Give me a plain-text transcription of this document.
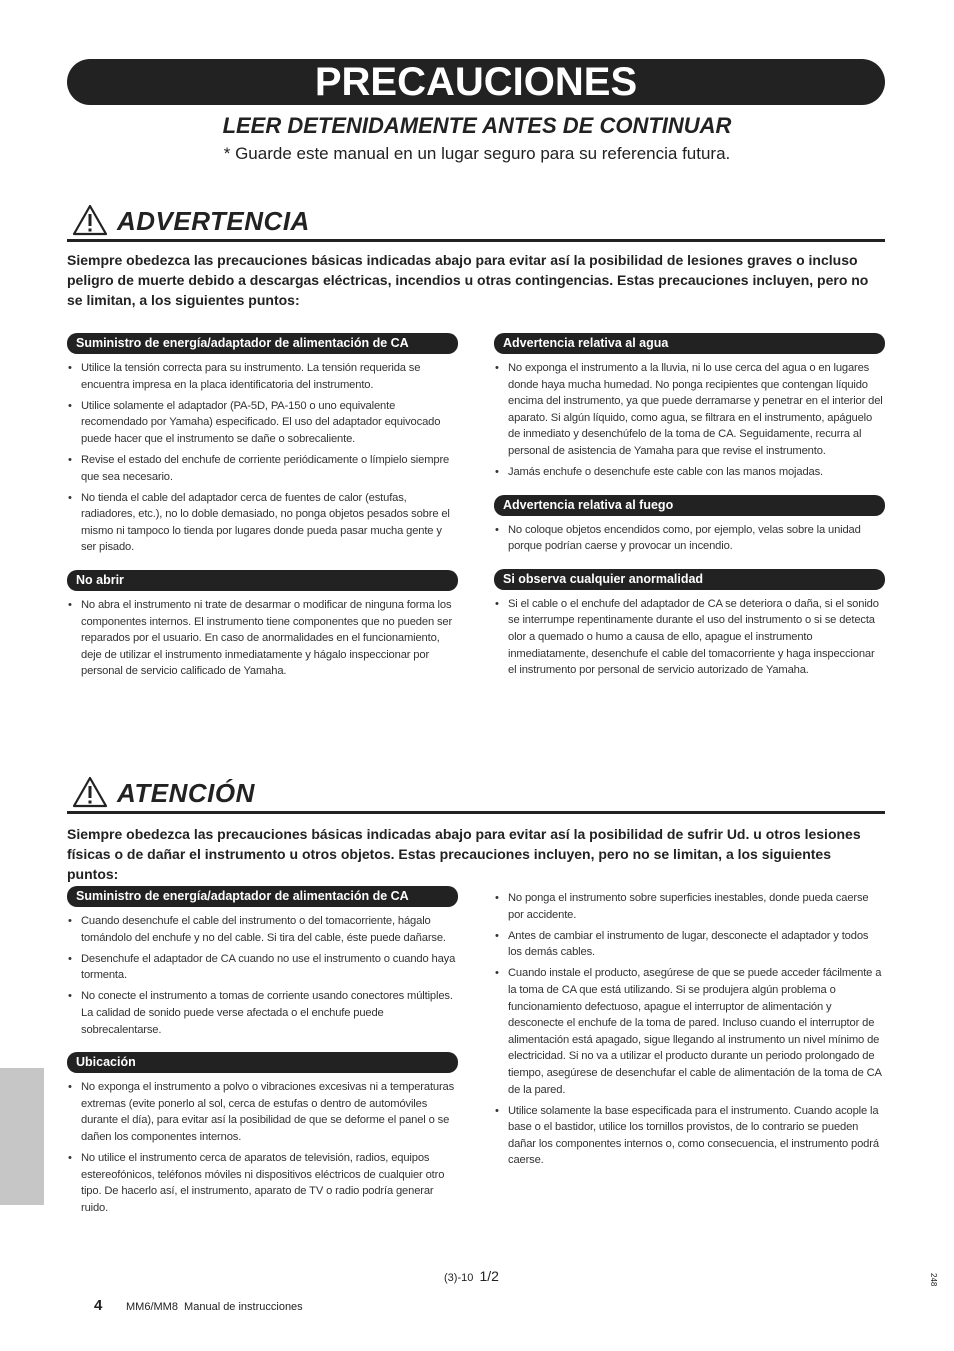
PRECAUCIONES
LEER DETENIDAMENTE ANTES DE CONTINUAR
* Guarde este manual en un lugar seguro para su referencia futura.
ADVERTENCIA
Siempre obedezca las precauciones básicas indicadas abajo para evitar así la posibilidad de lesiones graves o incluso peligro de muerte debido a descargas eléctricas, incendios u otras contingencias. Estas precauciones incluyen, pero no se limitan, a los siguientes puntos:
Suministro de energía/adaptador de alimentación de CA
• Utilice la tensión correcta para su instrumento. La tensión requerida se encuentra impresa en la placa identificatoria del instrumento.
• Utilice solamente el adaptador (PA-5D, PA-150 o uno equivalente recomendado por Yamaha) especificado. El uso del adaptador equivocado puede hacer que el instrumento se dañe o sobrecaliente.
• Revise el estado del enchufe de corriente periódicamente o límpielo siempre que sea necesario.
• No tienda el cable del adaptador cerca de fuentes de calor (estufas, radiadores, etc.), no lo doble demasiado, no ponga objetos pesados sobre el mismo ni tampoco lo tienda por lugares donde pueda pasar mucha gente y ser pisado.
No abrir
• No abra el instrumento ni trate de desarmar o modificar de ninguna forma los componentes internos. El instrumento tiene componentes que no pueden ser reparados por el usuario. En caso de anormalidades en el funcionamiento, deje de utilizar el instrumento inmediatamente y hágalo inspeccionar por personal de servicio calificado de Yamaha.
Advertencia relativa al agua
• No exponga el instrumento a la lluvia, ni lo use cerca del agua o en lugares donde haya mucha humedad. No ponga recipientes que contengan líquido encima del instrumento, ya que puede derramarse y penetrar en el interior del aparato. Si algún líquido, como agua, se filtrara en el instrumento, apáguelo de inmediato y desenchúfelo de la toma de CA. Seguidamente, recurra al personal de asistencia de Yamaha para que revise el instrumento.
• Jamás enchufe o desenchufe este cable con las manos mojadas.
Advertencia relativa al fuego
• No coloque objetos encendidos como, por ejemplo, velas sobre la unidad porque podrían caerse y provocar un incendio.
Si observa cualquier anormalidad
• Si el cable o el enchufe del adaptador de CA se deteriora o daña, si el sonido se interrumpe repentinamente durante el uso del instrumento o si se detecta olor a quemado o humo a causa de ello, apague el instrumento inmediatamente, desenchufe el cable del tomacorriente y haga inspeccionar el instrumento por personal de servicio autorizado de Yamaha.
ATENCIÓN
Siempre obedezca las precauciones básicas indicadas abajo para evitar así la posibilidad de sufrir Ud. u otros lesiones físicas o de dañar el instrumento u otros objetos. Estas precauciones incluyen, pero no se limitan, a los siguientes puntos:
Suministro de energía/adaptador de alimentación de CA
• Cuando desenchufe el cable del instrumento o del tomacorriente, hágalo tomándolo del enchufe y no del cable. Si tira del cable, éste puede dañarse.
• Desenchufe el adaptador de CA cuando no use el instrumento o cuando haya tormenta.
• No conecte el instrumento a tomas de corriente usando conectores múltiples. La calidad de sonido puede verse afectada o el enchufe puede sobrecalentarse.
Ubicación
• No exponga el instrumento a polvo o vibraciones excesivas ni a temperaturas extremas (evite ponerlo al sol, cerca de estufas o dentro de automóviles durante el día), para evitar así la posibilidad de que se deforme el panel o se dañen los componentes internos.
• No utilice el instrumento cerca de aparatos de televisión, radios, equipos estereofónicos, teléfonos móviles ni dispositivos eléctricos de cualquier otro tipo. De hacerlo así, el instrumento, aparato de TV o radio podría generar ruido.
• No ponga el instrumento sobre superficies inestables, donde pueda caerse por accidente.
• Antes de cambiar el instrumento de lugar, desconecte el adaptador y todos los demás cables.
• Cuando instale el producto, asegúrese de que se puede acceder fácilmente a la toma de CA que está utilizando. Si se produjera algún problema o funcionamiento defectuoso, apague el interruptor de alimentación y desconecte el enchufe de la toma de pared. Incluso cuando el interruptor de alimentación está apagado, sigue llegando al instrumento un nivel mínimo de electricidad. Si no va a utilizar el producto durante un periodo prolongado de tiempo, asegúrese de desenchufar el cable de alimentación de la toma de CA de la pared.
• Utilice solamente la base especificada para el instrumento. Cuando acople la base o el bastidor, utilice los tornillos provistos, de lo contrario se pueden dañar los componentes internos o, como consecuencia, el instrumento podrá caerse.
(3)-10 1/2
4 MM6/MM8  Manual de instrucciones
248
